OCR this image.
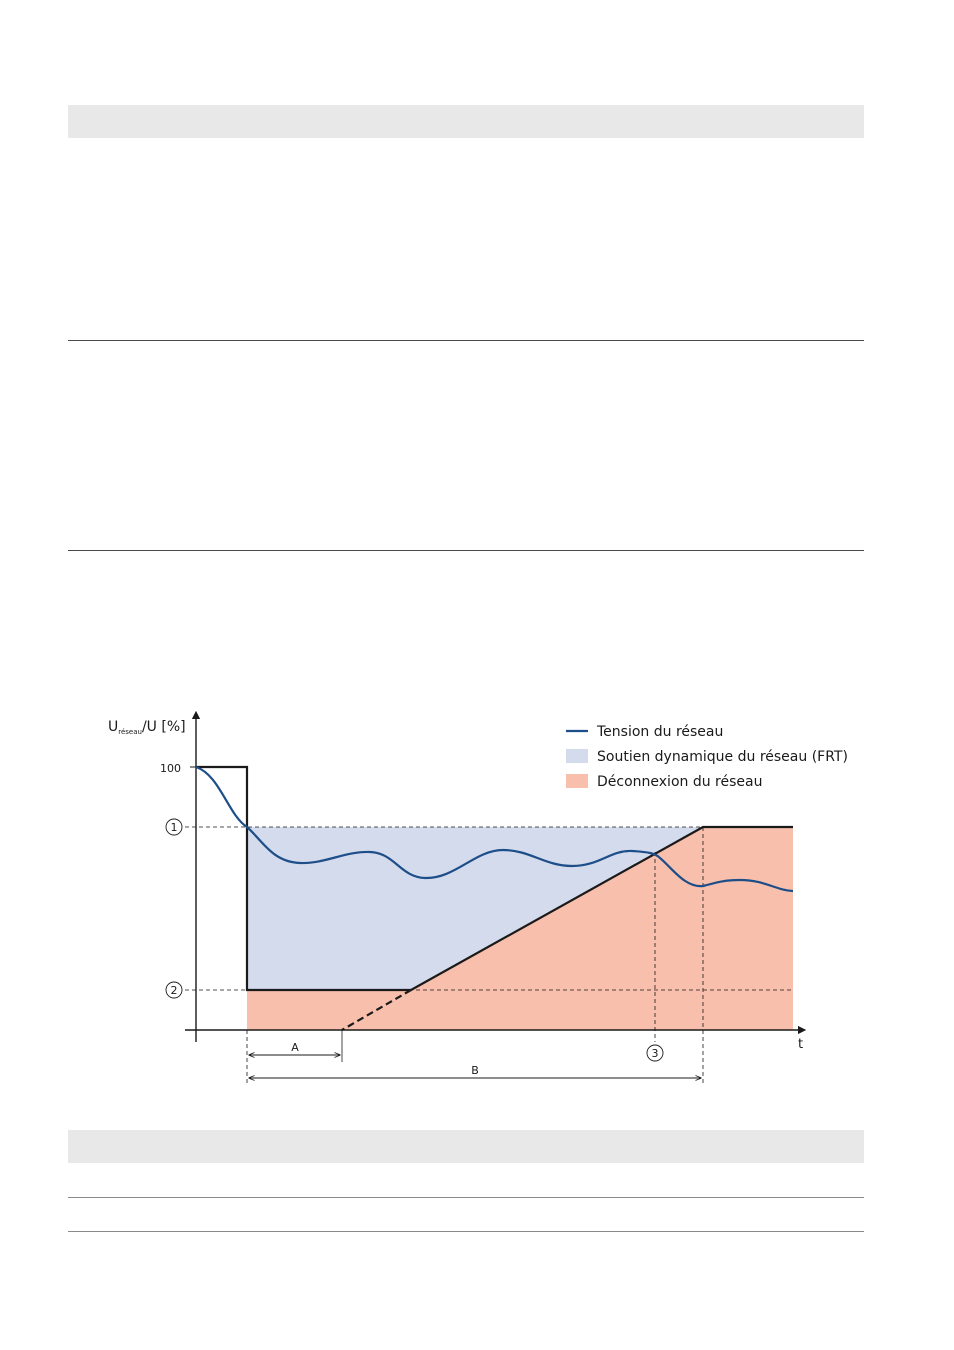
$U_{réseau}/U$ [%]
100
t
1
2
3
A
B
Tension du réseau
Soutien dynamique du réseau (FRT)
Déconnexion du réseau
